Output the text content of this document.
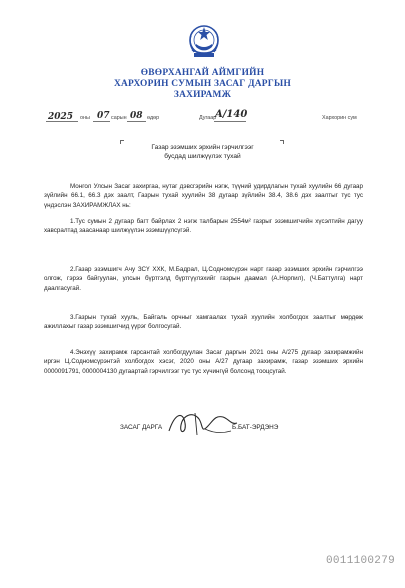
ӨВӨРХАНГАЙ АЙМГИЙН
ХАРХОРИН СУМЫН ЗАСАГ ДАРГЫН
ЗАХИРАМЖ
2025 оны 07 сарын 08 өдөр	Дугаар
A/140	Хархорин сум
Газар эзэмших эрхийн гэрчилгээг
бусдад шилжүүлэх тухай
Монгол Улсын Засаг захиргаа, нутаг дэвсгэрийн нэгж, түүний удирдлагын тухай хуулийн 66 дугаар зүйлийн 66.1, 66.3 дэх заалт, Газрын тухай хуулийн 38 дугаар зүйлийн 38.4, 38.6 дэх заалтыг тус тус үндэслэн ЗАХИРАМЖЛАХ нь:
1.Тус сумын 2 дугаар багт байрлах 2 нэгж талбарын 2554м² газрыг эзэмшигчийн хүсэлтийн дагуу хавсралтад заасанаар шилжүүлэн эзэмшүүлсүгэй.
2.Газар эзэмшигч Ачу ЗСҮ ХХК, М.Бадрал, Ц.Содномсүрэн нарт газар эзэмших эрхийн гэрчилгээ олгож, гэрээ байгуулан, улсын бүртгэлд бүртгүүлэхийг газрын даамал (А.Норпил), (Ч.Баттулга) нарт даалгасугай.
3.Газрын тухай хууль, Байгаль орчныг хамгаалах тухай хуулийн холбогдох заалтыг мөрдөж ажиллахыг газар эзэмшигчид үүрэг болгосугай.
4.Энэхүү захирамж гарсантай холбогдуулан Засаг даргын 2021 оны A/275 дугаар захирамжийн иргэн Ц.Содномсүрэнтэй холбогдох хэсэг, 2020 оны A/27 дугаар захирамж, газар эзэмших эрхийн 0000091791, 0000004130 дугаартай гэрчилгээг тус тус хүчингүй болсонд тооцсугай.
ЗАСАГ ДАРГА	Б.БАТ-ЭРДЭНЭ
0011100279
